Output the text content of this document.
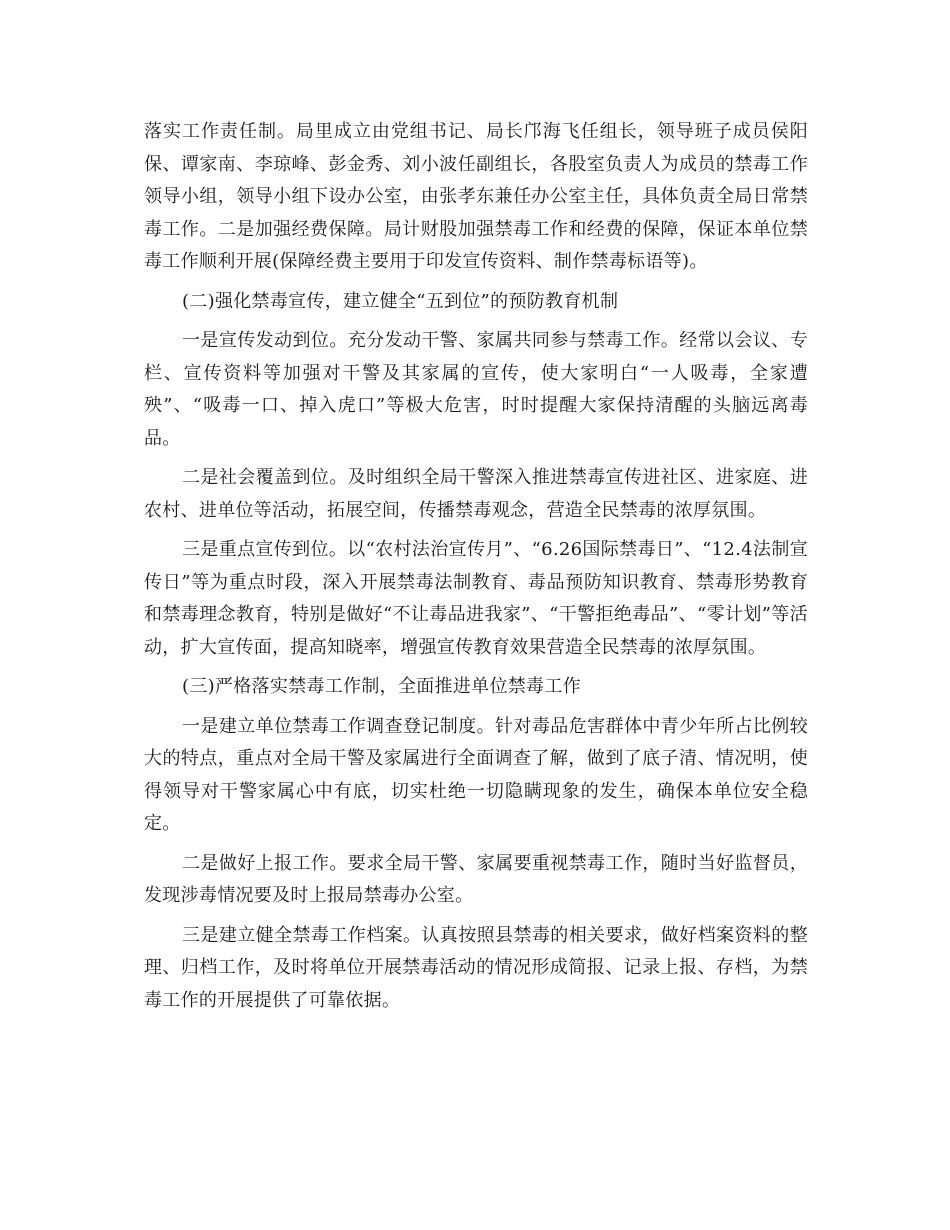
落实工作责任制。局里成立由党组书记、局长邝海飞任组长，领导班子成员侯阳保、谭家南、李琼峰、彭金秀、刘小波任副组长，各股室负责人为成员的禁毒工作领导小组，领导小组下设办公室，由张孝东兼任办公室主任，具体负责全局日常禁毒工作。二是加强经费保障。局计财股加强禁毒工作和经费的保障，保证本单位禁毒工作顺利开展(保障经费主要用于印发宣传资料、制作禁毒标语等)。

(二)强化禁毒宣传，建立健全“五到位”的预防教育机制

一是宣传发动到位。充分发动干警、家属共同参与禁毒工作。经常以会议、专栏、宣传资料等加强对干警及其家属的宣传，使大家明白“一人吸毒，全家遭殃”、“吸毒一口、掉入虎口”等极大危害，时时提醒大家保持清醒的头脑远离毒品。

二是社会覆盖到位。及时组织全局干警深入推进禁毒宣传进社区、进家庭、进农村、进单位等活动，拓展空间，传播禁毒观念，营造全民禁毒的浓厚氛围。

三是重点宣传到位。以“农村法治宣传月”、“6.26国际禁毒日”、“12.4法制宣传日”等为重点时段，深入开展禁毒法制教育、毒品预防知识教育、禁毒形势教育和禁毒理念教育，特别是做好“不让毒品进我家”、“干警拒绝毒品”、“零计划”等活动，扩大宣传面，提高知晓率，增强宣传教育效果营造全民禁毒的浓厚氛围。

(三)严格落实禁毒工作制，全面推进单位禁毒工作

一是建立单位禁毒工作调查登记制度。针对毒品危害群体中青少年所占比例较大的特点，重点对全局干警及家属进行全面调查了解，做到了底子清、情况明，使得领导对干警家属心中有底，切实杜绝一切隐瞒现象的发生，确保本单位安全稳定。

二是做好上报工作。要求全局干警、家属要重视禁毒工作，随时当好监督员，发现涉毒情况要及时上报局禁毒办公室。

三是建立健全禁毒工作档案。认真按照县禁毒的相关要求，做好档案资料的整理、归档工作，及时将单位开展禁毒活动的情况形成简报、记录上报、存档，为禁毒工作的开展提供了可靠依据。
